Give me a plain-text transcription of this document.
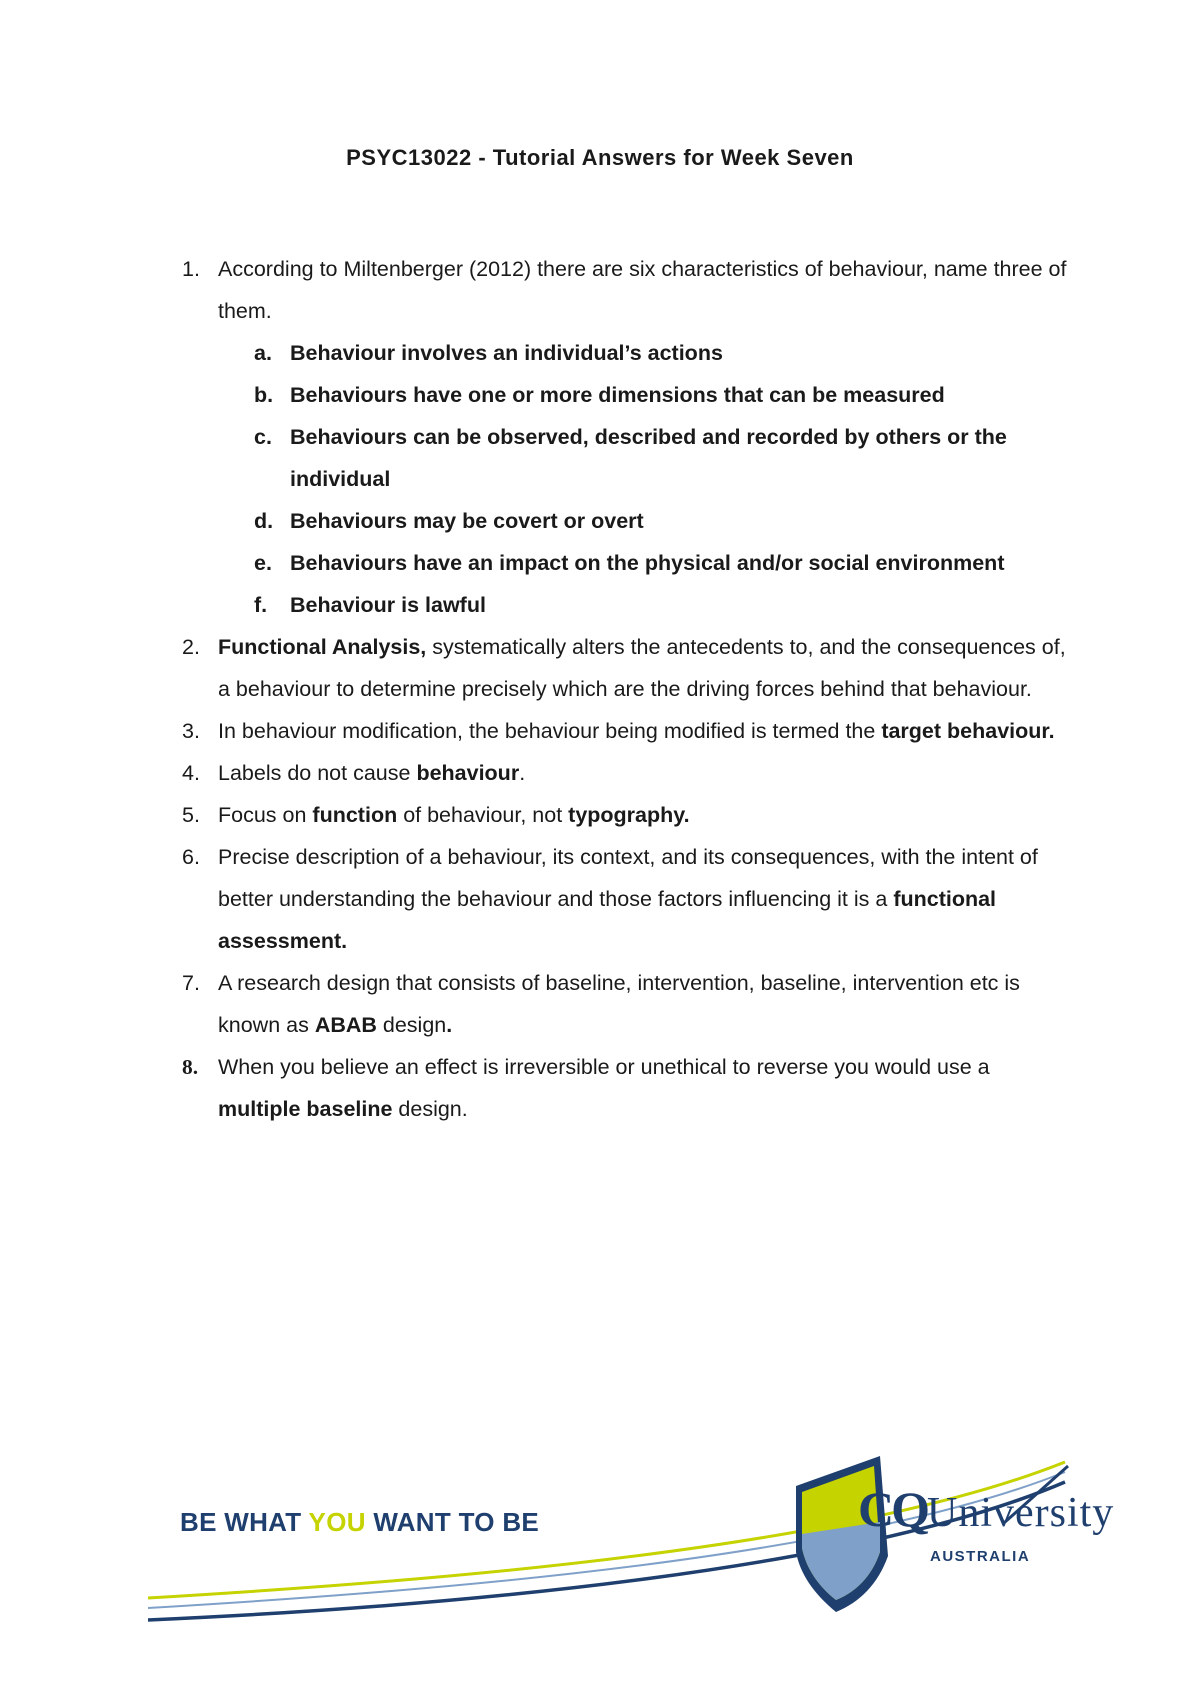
PSYC13022 - Tutorial Answers for Week Seven
1. According to Miltenberger (2012) there are six characteristics of behaviour, name three of them.
a. Behaviour involves an individual’s actions
b. Behaviours have one or more dimensions that can be measured
c. Behaviours can be observed, described and recorded by others or the individual
d. Behaviours may be covert or overt
e. Behaviours have an impact on the physical and/or social environment
f. Behaviour is lawful
2. Functional Analysis, systematically alters the antecedents to, and the consequences of, a behaviour to determine precisely which are the driving forces behind that behaviour.
3. In behaviour modification, the behaviour being modified is termed the target behaviour.
4. Labels do not cause behaviour.
5. Focus on function of behaviour, not typography.
6. Precise description of a behaviour, its context, and its consequences, with the intent of better understanding the behaviour and those factors influencing it is a functional assessment.
7. A research design that consists of baseline, intervention, baseline, intervention etc is known as ABAB design.
8. When you believe an effect is irreversible or unethical to reverse you would use a multiple baseline design.
BE WHAT YOU WANT TO BE	CQUniversity
AUSTRALIA
